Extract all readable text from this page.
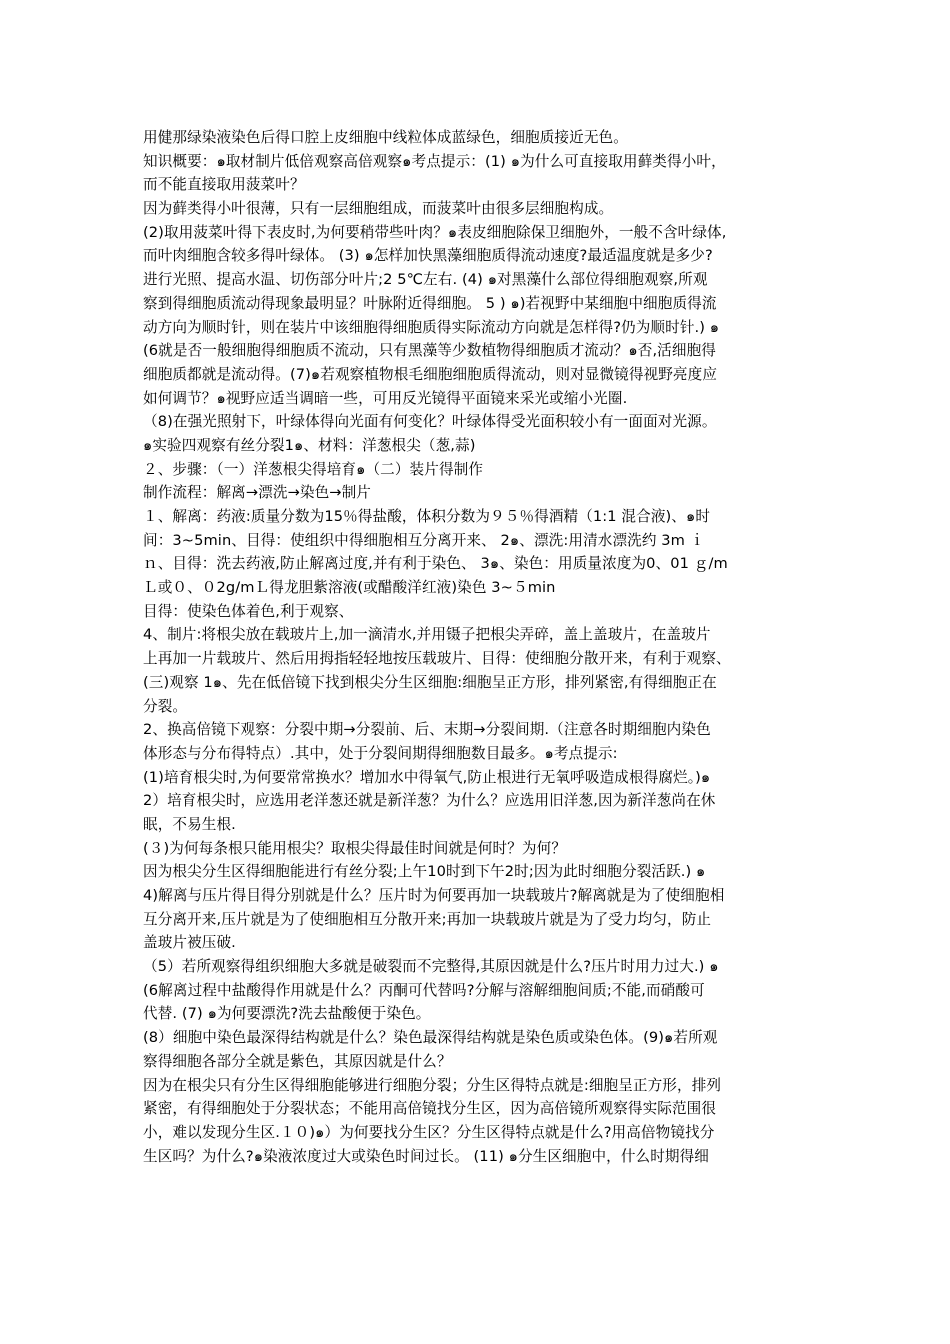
用健那绿染液染色后得口腔上皮细胞中线粒体成蓝绿色，细胞质接近无色。
知识概要：๑取材制片低倍观察高倍观察๑考点提示：(1) ๑为什么可直接取用藓类得小叶，
而不能直接取用菠菜叶？
因为藓类得小叶很薄，只有一层细胞组成，而菠菜叶由很多层细胞构成。
(2)取用菠菜叶得下表皮时,为何要稍带些叶肉？๑表皮细胞除保卫细胞外，一般不含叶绿体,
而叶肉细胞含较多得叶绿体。 (3) ๑怎样加快黑藻细胞质得流动速度?最适温度就是多少?
进行光照、提高水温、切伤部分叶片;2 5℃左右. (4) ๑对黑藻什么部位得细胞观察,所观
察到得细胞质流动得现象最明显？叶脉附近得细胞。 5 ) ๑)若视野中某细胞中细胞质得流
动方向为顺时针，则在装片中该细胞得细胞质得实际流动方向就是怎样得?仍为顺时针.) ๑
(6就是否一般细胞得细胞质不流动，只有黑藻等少数植物得细胞质才流动？๑否,活细胞得
细胞质都就是流动得。(7)๑若观察植物根毛细胞细胞质得流动，则对显微镜得视野亮度应
如何调节？๑视野应适当调暗一些，可用反光镜得平面镜来采光或缩小光圈.
（8)在强光照射下，叶绿体得向光面有何变化？叶绿体得受光面积较小有一面面对光源。
๑实验四观察有丝分裂1๑、材料：洋葱根尖（葱,蒜)
２、步骤：（一）洋葱根尖得培育๑（二）装片得制作
制作流程：解离→漂洗→染色→制片
１、解离：药液:质量分数为15％得盐酸，体积分数为９５％得酒精（1:1 混合液)、๑时
间：3~5min、目得：使组织中得细胞相互分离开来、 2๑、漂洗:用清水漂洗约 3m ｉ
ｎ、目得：洗去药液,防止解离过度,并有利于染色、 3๑、染色：用质量浓度为0、01 ｇ/m
Ｌ或０、０2g/mＬ得龙胆紫溶液(或醋酸洋红液)染色 3~５min
目得：使染色体着色,利于观察、
4、制片:将根尖放在载玻片上,加一滴清水,并用镊子把根尖弄碎，盖上盖玻片，在盖玻片
上再加一片载玻片、然后用拇指轻轻地按压载玻片、目得：使细胞分散开来，有利于观察、
(三)观察 1๑、先在低倍镜下找到根尖分生区细胞:细胞呈正方形，排列紧密,有得细胞正在
分裂。
2、换高倍镜下观察：分裂中期→分裂前、后、末期→分裂间期.（注意各时期细胞内染色
体形态与分布得特点）.其中，处于分裂间期得细胞数目最多。๑考点提示:
(1)培育根尖时,为何要常常换水？增加水中得氧气,防止根进行无氧呼吸造成根得腐烂。)๑
2）培育根尖时，应选用老洋葱还就是新洋葱？为什么？应选用旧洋葱,因为新洋葱尚在休
眠，不易生根.
(３)为何每条根只能用根尖？取根尖得最佳时间就是何时？为何？
因为根尖分生区得细胞能进行有丝分裂;上午10时到下午2时;因为此时细胞分裂活跃.) ๑
4)解离与压片得目得分别就是什么？压片时为何要再加一块载玻片?解离就是为了使细胞相
互分离开来,压片就是为了使细胞相互分散开来;再加一块载玻片就是为了受力均匀，防止
盖玻片被压破.
（5）若所观察得组织细胞大多就是破裂而不完整得,其原因就是什么?压片时用力过大.) ๑
(6解离过程中盐酸得作用就是什么？丙酮可代替吗?分解与溶解细胞间质;不能,而硝酸可
代替. (7) ๑为何要漂洗?洗去盐酸便于染色。
(8）细胞中染色最深得结构就是什么？染色最深得结构就是染色质或染色体。(9)๑若所观
察得细胞各部分全就是紫色，其原因就是什么？
因为在根尖只有分生区得细胞能够进行细胞分裂；分生区得特点就是:细胞呈正方形，排列
紧密，有得细胞处于分裂状态；不能用高倍镜找分生区，因为高倍镜所观察得实际范围很
小，难以发现分生区.１０)๑）为何要找分生区？分生区得特点就是什么?用高倍物镜找分
生区吗？为什么?๑染液浓度过大或染色时间过长。 (11) ๑分生区细胞中，什么时期得细
